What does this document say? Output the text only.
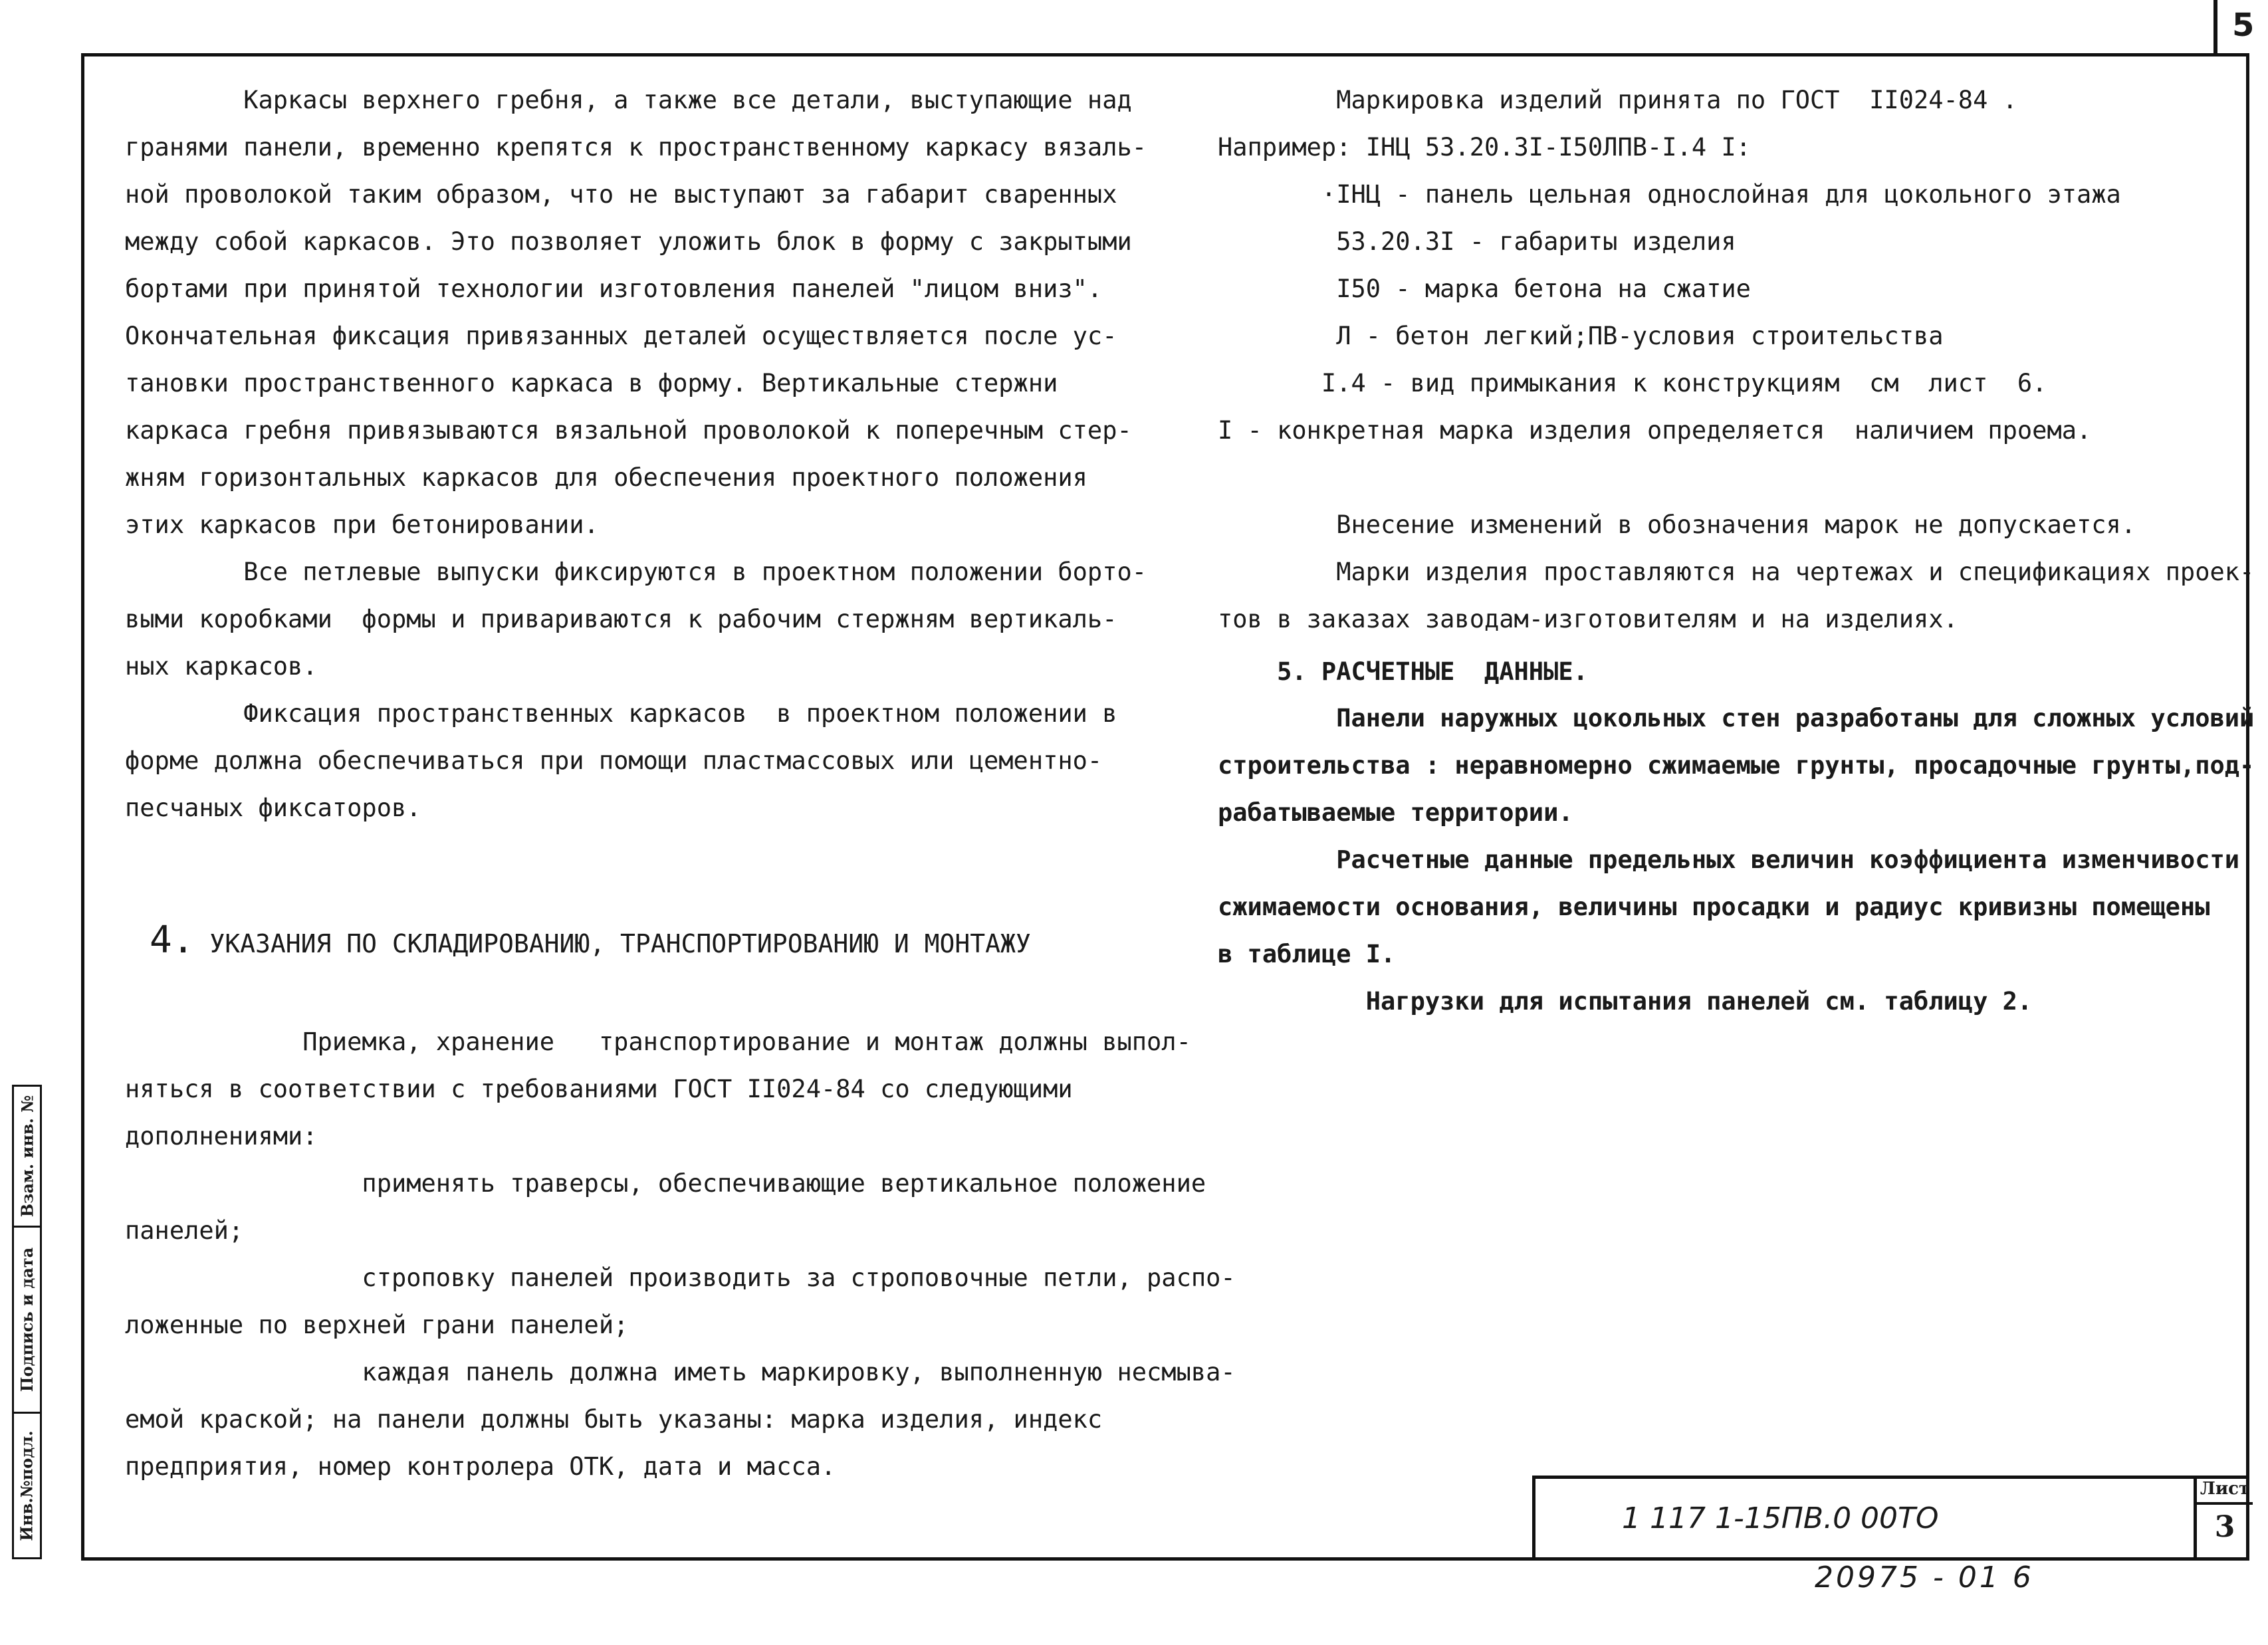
5
Каркасы верхнего гребня, а также все детали, выступающие над
гранями панели, временно крепятся к пространственному каркасу вязаль-
ной проволокой таким образом, что не выступают за габарит сваренных
между собой каркасов. Это позволяет уложить блок в форму с закрытыми
бортами при принятой технологии изготовления панелей "лицом вниз".
Окончательная фиксация привязанных деталей осуществляется после ус-
тановки пространственного каркаса в форму. Вертикальные стержни
каркаса гребня привязываются вязальной проволокой к поперечным стер-
жням горизонтальных каркасов для обеспечения проектного положения
этих каркасов при бетонировании.
Все петлевые выпуски фиксируются в проектном положении борто-
выми коробками  формы и привариваются к рабочим стержням вертикаль-
ных каркасов.
Фиксация пространственных каркасов  в проектном положении в
форме должна обеспечиваться при помощи пластмассовых или цементно-
песчаных фиксаторов.
4. УКАЗАНИЯ ПО СКЛАДИРОВАНИЮ, ТРАНСПОРТИРОВАНИЮ И МОНТАЖУ
Приемка, хранение   транспортирование и монтаж должны выпол-
няться в соответствии с требованиями ГОСТ II024-84 со следующими
дополнениями:
применять траверсы, обеспечивающие вертикальное положение
панелей;
строповку панелей производить за строповочные петли, распо-
ложенные по верхней грани панелей;
каждая панель должна иметь маркировку, выполненную несмыва-
емой краской; на панели должны быть указаны: марка изделия, индекс
предприятия, номер контролера ОТК, дата и масса.
Маркировка изделий принята по ГОСТ  II024-84 .
Например: ІНЦ 53.20.3І-І50ЛПВ-І.4 І:
·ІНЦ - панель цельная однослойная для цокольного этажа
53.20.3І - габариты изделия
І50 - марка бетона на сжатие
Л - бетон легкий;ПВ-условия строительства
І.4 - вид примыкания к конструкциям  см  лист  6.
І - конкретная марка изделия определяется  наличием проема.

Внесение изменений в обозначения марок не допускается.
Марки изделия проставляются на чертежах и спецификациях проек-
тов в заказах заводам-изготовителям и на изделиях.
5. РАСЧЕТНЫЕ  ДАННЫЕ.
Панели наружных цокольных стен разработаны для сложных условий
строительства : неравномерно сжимаемые грунты, просадочные грунты,под-
рабатываемые территории.
Расчетные данные предельных величин коэффициента изменчивости
сжимаемости основания, величины просадки и радиус кривизны помещены
в таблице І.
Нагрузки для испытания панелей см. таблицу 2.
Взам. инв. №
Подпись и дата
Инв.№подл.	1 117 1-15ПВ.0 00ТО
Лист
3
20975 - 01 6
